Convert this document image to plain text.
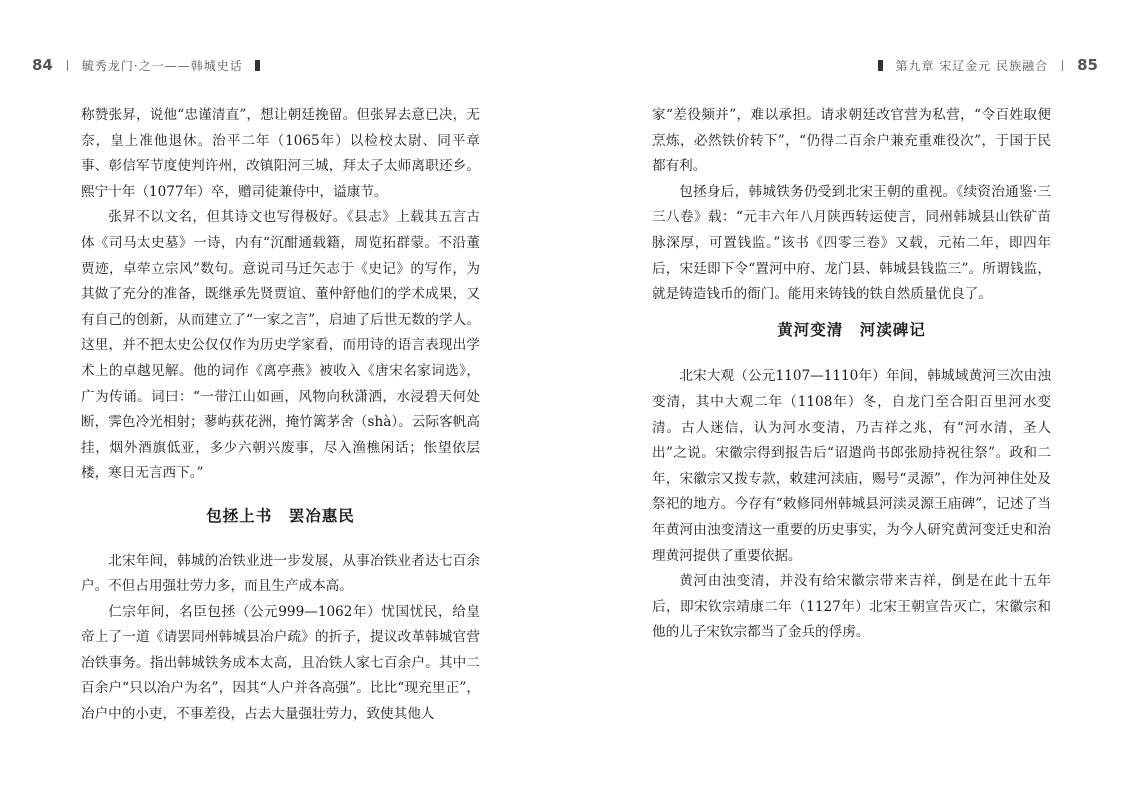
84 毓秀龙门·之一——韩城史话

称赞张昇，说他“忠谨清直”，想让朝廷挽留。但张昇去意已决，无奈，皇上准他退休。治平二年（1065年）以检校太尉、同平章事、彰信军节度使判许州，改镇阳河三城，拜太子太师离职还乡。熙宁十年（1077年）卒，赠司徒兼侍中，谥康节。

张昇不以文名，但其诗文也写得极好。《县志》上载其五言古体《司马太史墓》一诗，内有“沉酣通载籍，周览拓群蒙。不沿董贾迹，卓荦立宗风”数句。意说司马迁矢志于《史记》的写作，为其做了充分的准备，既继承先贤贾谊、董仲舒他们的学术成果，又有自己的创新，从而建立了“一家之言”，启迪了后世无数的学人。这里，并不把太史公仅仅作为历史学家看，而用诗的语言表现出学术上的卓越见解。他的词作《离亭燕》被收入《唐宋名家词选》，广为传诵。词曰：“一带江山如画，风物向秋潇洒，水浸碧天何处断，霁色冷光相射；蓼屿荻花洲，掩竹篱茅舍（shà）。云际客帆高挂，烟外酒旗低亚，多少六朝兴废事，尽入渔樵闲话；怅望依层楼，寒日无言西下。”

包拯上书　罢冶惠民

北宋年间，韩城的冶铁业进一步发展，从事冶铁业者达七百余户。不但占用强壮劳力多，而且生产成本高。

仁宗年间，名臣包拯（公元999—1062年）忧国忧民，给皇帝上了一道《请罢同州韩城县冶户疏》的折子，提议改革韩城官营冶铁事务。指出韩城铁务成本太高，且冶铁人家七百余户。其中二百余户“只以冶户为名”，因其“人户并各高强”。比比“现充里正”，冶户中的小吏，不事差役，占去大量强壮劳力，致使其他人

第九章 宋辽金元 民族融合 85

家“差役频并”，难以承担。请求朝廷改官营为私营，“令百姓取便烹炼，必然铁价转下”，“仍得二百余户兼充重难役次”，于国于民都有利。

包拯身后，韩城铁务仍受到北宋王朝的重视。《续资治通鉴·三三八卷》载：“元丰六年八月陕西转运使言，同州韩城县山铁矿苗脉深厚，可置钱监。”该书《四零三卷》又载，元祐二年，即四年后，宋廷即下令“置河中府、龙门县、韩城县钱监三”。所谓钱监，就是铸造钱币的衙门。能用来铸钱的铁自然质量优良了。

黄河变清　河渎碑记

北宋大观（公元1107—1110年）年间，韩城域黄河三次由浊变清，其中大观二年（1108年）冬，自龙门至合阳百里河水变清。古人迷信，认为河水变清，乃吉祥之兆，有“河水清，圣人出”之说。宋徽宗得到报告后“诏遣尚书郎张励持祝往祭”。政和二年，宋徽宗又拨专款，敕建河渎庙，赐号“灵源”，作为河神住处及祭祀的地方。今存有“敕修同州韩城县河渎灵源王庙碑”，记述了当年黄河由浊变清这一重要的历史事实，为今人研究黄河变迁史和治理黄河提供了重要依据。

黄河由浊变清，并没有给宋徽宗带来吉祥，倒是在此十五年后，即宋钦宗靖康二年（1127年）北宋王朝宣告灭亡，宋徽宗和他的儿子宋钦宗都当了金兵的俘虏。
